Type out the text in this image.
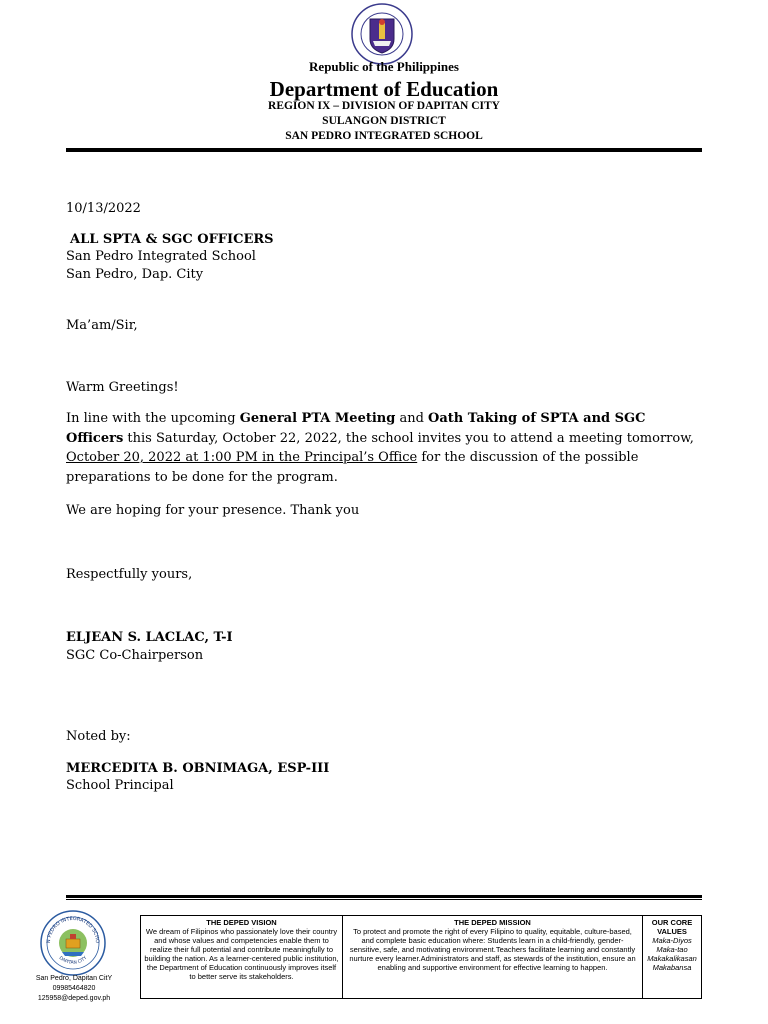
Republic of the Philippines
Department of Education
REGION IX – DIVISION OF DAPITAN CITY
SULANGON DISTRICT
SAN PEDRO INTEGRATED SCHOOL
10/13/2022
ALL SPTA & SGC OFFICERS
San Pedro Integrated School
San Pedro, Dap. City
Ma’am/Sir,
Warm Greetings!
In line with the upcoming General PTA Meeting and Oath Taking of SPTA and SGC Officers this Saturday, October 22, 2022, the school invites you to attend a meeting tomorrow, October 20, 2022 at 1:00 PM in the Principal’s Office for the discussion of the possible preparations to be done for the program.
We are hoping for your presence. Thank you
Respectfully yours,
ELJEAN S. LACLAC, T-I
SGC Co-Chairperson
Noted by:
MERCEDITA B. OBNIMAGA, ESP-III
School Principal
N PEDRO INTEGRATED SCHO
DAPITAN CITY
San Pedro, Dapitan CitY
09985464820
125958@deped.gov.ph
THE DEPED VISION
We dream of Filipinos who passionately love their country and whose values and competencies enable them to realize their full potential and contribute meaningfully to building the nation. As a learner-centered public institution, the Department of Education continuously improves itself to better serve its stakeholders.
THE DEPED MISSION
To protect and promote the right of every Filipino to quality, equitable, culture-based, and complete basic education where: Students learn in a child-friendly, gender-sensitive, safe, and motivating environment.Teachers facilitate learning and constantly nurture every learner.Administrators and staff, as stewards of the institution, ensure an enabling and supportive environment for effective learning to happen.
OUR CORE VALUES
Maka-Diyos
Maka-tao
Makakalikasan
Makabansa
